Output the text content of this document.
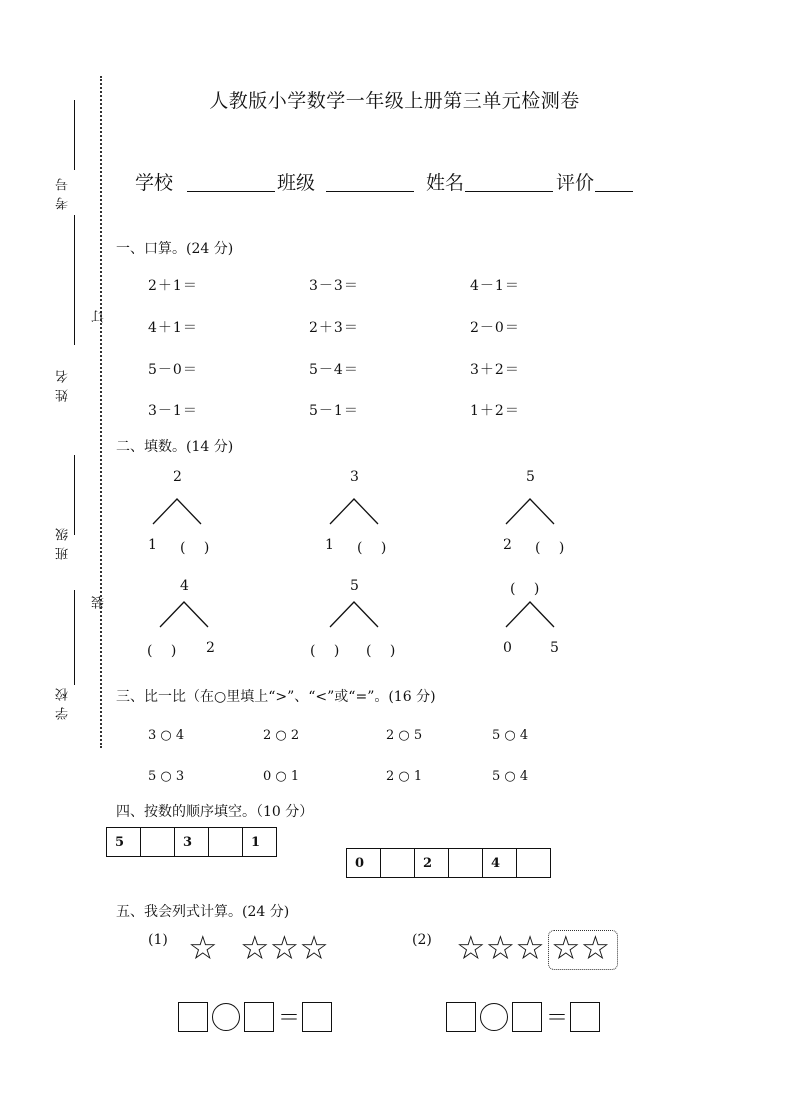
考号
姓名
班级
学校
订
装
人教版小学数学一年级上册第三单元检测卷
学校	班级	姓名	评价
一、口算。(24 分)
2＋1＝	3－3＝	4－1＝
4＋1＝	2＋3＝	2－0＝
5－0＝	5－4＝	3＋2＝
3－1＝	5－1＝	1＋2＝
二、填数。(14 分)
2
1 (　 )
3
1 (　 )
5
2 (　 )
4
(　 ) 2
5
(　 ) (　 )
(　 )
0	5
三、比一比（在○里填上“>”、“<”或“=”。(16 分)
3 ○ 4	2 ○ 2	2 ○ 5	5 ○ 4
5 ○ 3	0 ○ 1	2 ○ 1	5 ○ 4
四、按数的顺序填空。（10 分）
5		3		1
0		2		4	
五、我会列式计算。(24 分)
(1) ☆ ☆☆☆	(2) ☆☆☆ ☆☆
＝	＝
